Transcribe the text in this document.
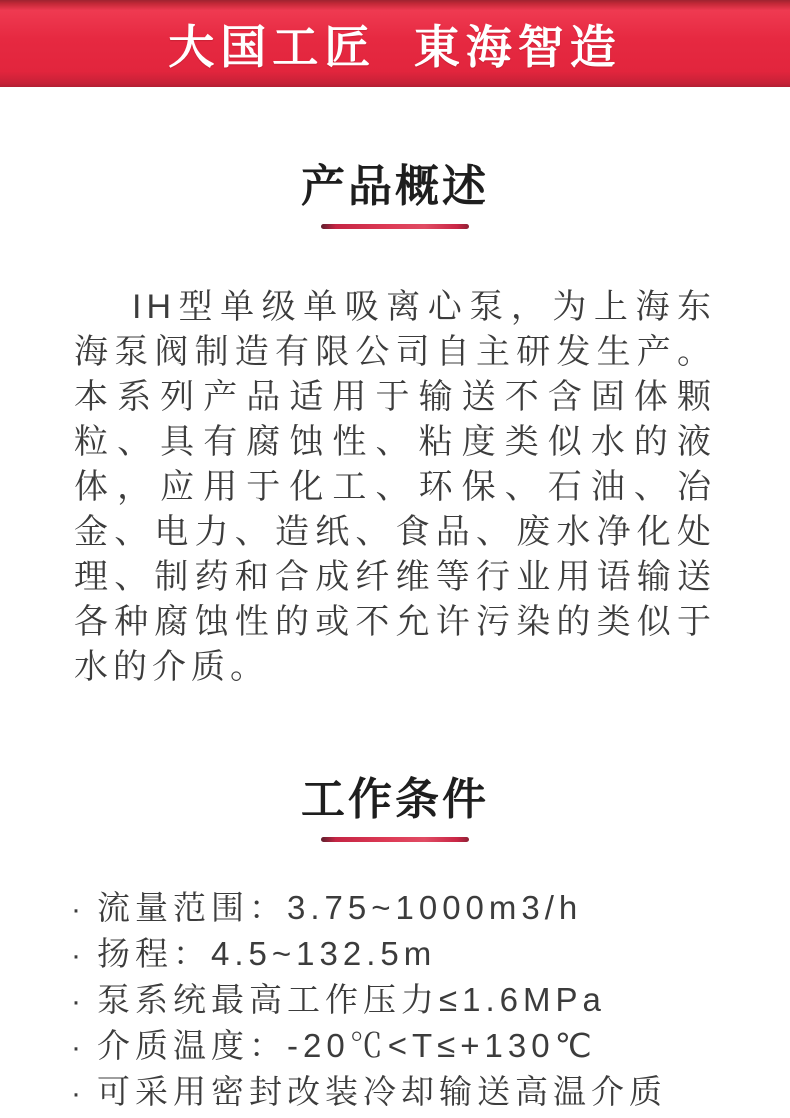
大国工匠  東海智造
产品概述

IH型单级单吸离心泵，为上海东海泵阀制造有限公司自主研发生产。本系列产品适用于输送不含固体颗粒、具有腐蚀性、粘度类似水的液体，应用于化工、环保、石油、冶金、电力、造纸、食品、废水净化处理、制药和合成纤维等行业用语输送各种腐蚀性的或不允许污染的类似于水的介质。

工作条件
· 流量范围：3.75~1000m3/h
· 扬程：4.5~132.5m
· 泵系统最高工作压力≤1.6MPa
· 介质温度：-20℃<T≤+130℃
· 可采用密封改装冷却输送高温介质
